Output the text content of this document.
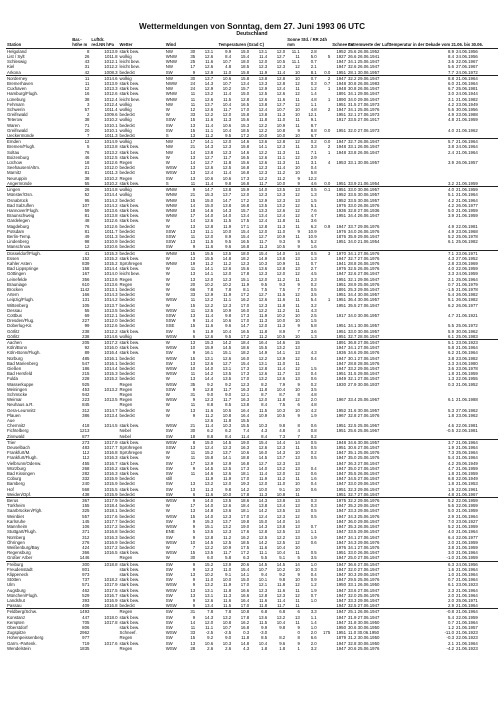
Wettermeldungen von Sonntag, dem 27. Juni 1993 06 UTC
Deutschland
Station	Bar.- höhe m	Luftdr. red.NN hPa	Wetter	Wind		Temperaturen (Grad C)					Sonne Std. / RR 24h mm			Schnee cm	Extremwerte der Lufttemperatur in der Dekade vom 21.06. bis 30.06.		
Helgoland	8	1013.9	stark bew.	NW	30	13.1	9.9	15.0	13.1	12.0	11.1	2.8		1952	25.6 26.06.1952	8.9	24.06.1956
List / Sylt	26	1011.8	wolkig	WNW	35	12.6	8.4	15.4	11.4	12.7	11	5.0	5	1927	26.6 26.06.1941	8.4	24.06.1956
Schleswig	43	1012.1	leicht bew.	WNW	25	11.6	10.7	18.0	12.0	10.5	11.1	0.7		1947	34.1 25.06.1947	3.6	22.06.1967
Kiel	31	1012.2	leicht bew.	NW	17	12.6	4.8	18.5	12.3	12.3	12	2.1		1947	32.6 26.06.1947	5.6	27.06.1967
Arkona	42	1008.3	bedeckt	SW	9	12.9	11.0	15.8	11.9	11.4	10	8.1	0.0	1951	28.1 30.06.1957	7.7	24.06.1972
Norderney	11	1014.6	wolkig	NW	30	13.7	10.6	15.8	13.8	12.8	10	0.7	2	1947	32.2 29.06.1947	8.8	21.06.1964
Bremerhaven	11	1013.9	stark bew.	NWW	24	14.3	10.7	13.4	13.3	12.8	12	0.3	0.7	1948	30.8 26.06.1983	6.0	21.06.1964
Cuxhaven	12	1013.3	stark bew.	NW	24	12.9	10.2	15.7	12.9	12.4	11	1.2	1	1948	30.8 26.06.1947	6.7	25.06.1981
Hamburg/Flugh.	16	1012.6	stark bew.	WNW	11	13.2	11.4	15.0	12.5	12.6	12	1.4		1891	34.1 29.06.1947	3.0	24.06.1944
Lüneburg	38	1012.4	leicht bew.	WNW	11	12.6	11.5	12.8	12.6	11.6	11	4.8	1	1890	34.0 29.06.1947	3.1	21.06.1982
Fehmarn	3	1012.4	wolkig	NW	11	13.7	10.4	16.5	13.8	12.7	12	1.1		1951	31.5 27.06.1973	4.2	23.06.1949
Schwerin	57	1011.4	wolkig	W	12	12.6	11.7	17.0	12.4	10.7	10	4.8	2	1947	34.1 25.06.1976	5.6	30.06.1956
Greifswald	2	1009.6	bedeckt	W	33	12.2	12.0	15.8	13.8	11.3	10	12.1		1951	32.1 27.06.1973	4.9	23.06.1988
Teterow	38	1010.2	wolkig	SSW	15	11.6	11.3	15.6	11.8	11.0	11	9.1		1917	33.5 27.06.1917	4.8	21.06.1959
Waren	71	1010.1	bedeckt	SW	13	11.4	10.6	15.3	12.2	10.9	11	8.7					
Greifswald	20	1010.1	wolkig	SW	15	11.1	10.4	18.5	12.2	10.8	9	8.8	0.0	1951	32.0 27.06.1973	4.0	21.06.1962
Ueckermünde	7	1011.3	bedeckt	S	13	11.2	9.5	17.2	10.0	10.0	10	6.7					
Emden	12	1014.9	wolkig	NW	17	14.1	12.0	14.6	13.6	12.8	12	0.2	0.0	1947	32.7 26.06.1947	5.7	21.06.1964
Bremen/Flugh.	5	1013.8	stark bew.	NW	21	14.3	12.3	15.8	14.1	12.3	11	3.3	2	1948	33.1 26.06.1947	3.8	24.06.1964
Soltau	76	1013.2	stark bew.	NW	14	13.8	12.3	14.6	12.2	11.3	11	7.1	1	1948	33.8 26.06.1947	2.4	21.06.1964
Boizenburg	46	1012.5	stark bew.	W	13	12.7	11.7	16.5	12.6	11.1	12	2.9					
Lüchow	18	1012.6	Regen	W	14	12.7	11.8	15.6	12.6	11.3	11	3.1	4	1953	33.1 30.06.1957	3.9	26.06.1957
Seehausen/Altm.	21	1012.0	bedeckt	WSW	13	12.6	12.5	16.8	12.3	11.4	10	0.4					
Marnitz	81	1011.3	bedeckt	WSW	13	12.4	11.4	16.8	12.3	11.2	10	5.8					
Neuruppin	38	1010.2	Regen	SW	13	10.6	10.6	17.3	12.2	11.2	9	12.2					
Angermünde	55	1010.2	stark bew.	S	11	11.4	9.8	16.8	11.7	10.0	9	4.6	0.0	1951	33.9 21.06.1954	3.2	21.06.1959
Lingen	26	1014.8	wolkig	WNW	9	14.7	13.8	15.9	14.0	13.5	13	0.5	0.1	1951	33.0 30.06.1957	4.0	21.06.1959
Münster/Osn.	52	1014.4	wolkig	WNW	21	15.3	13.7	12.0	12.3	12.3	12	1.3		1952	33.5 30.06.1957	5.1	21.06.1964
Osnabrück	95	1014.2	bedeckt	WNW	15	15.0	14.7	17.2	12.9	12.3	13	1.5		1952	33.5 30.06.1957	4.2	21.06.1964
Bad Salzuflen	107	1014.2	stark bew.	WNW	14	15.0	13.8	16.8	13.5	13.2	12	5.1		1976	33.0 26.06.1976	4.2	26.06.1977
Hannover/Flugh.	59	1013.6	stark bew.	WNW	18	14.6	14.3	15.7	13.3	12.6	12	7.6		1936	32.8 27.06.1936	5.0	21.06.1959
Braunschweig	81	1013.8	stark bew.	WNW	17	14.0	14.0	13.4	13.4	12.4	12	4.7		1951	34.4 26.06.1947	3.9	21.06.1959
Gardelegen	48	1012.6	stark bew.	W	14	12.6	11.5	17.5	12.4	11.8	11	3.6					
Magdeburg	76	1012.6	bedeckt	W	13	12.8	11.9	17.1	12.8	11.3	11	6.2	0.9	1947	33.7 29.06.1976	4.9	22.06.1981
Potsdam	81	1011.7	bedeckt	SSW	13	11.1	10.0	15.4	12.0	11.0	9	10.9		1976	34.0 26.06.1976	4.9	23.06.1968
Berlin-Temp.	49	1011.3	bedeckt	SSW	11	12.0	8.9	15.4	12.7	10.9	11	10.9		1876	35.9 29.06.1947	5.2	25.06.1978
Lindenberg	98	1010.9	bedeckt	SSW	13	11.5	9.5	16.5	11.7	9.3	9	5.2		1951	34.0 21.06.1954	6.1	25.06.1982
Manschnow	12	1010.6	bedeckt	SW	9	11.6	9.6	16.8	11.3	10.5	9	1.6					
Düsseldorf/Flugh.	41	1015.3	bedeckt	WNW	15	15.5	13.5	18.0	15.4	14.0	14	0.5	3	1970	34.1 27.06.1976	7.1	23.06.1971
Essen	152	1015.2	stark bew.	W	13	15.5	14.8	18.2	14.9	13.8	13	1.3		1947	32.7 27.06.1976	4.3	27.06.1952
Kahler Asten	839	1015.2	Sprühregen	WNW	19	11.2	11.2	12.3	10.3	10.9	11	0.7		1941	28.8 26.06.1976	2.8	23.06.1969
Bad Lippspringe	158	1014.4	stark bew.	W	11	14.1	12.6	15.6	13.6	12.8	13	2.7		1976	32.5 26.06.1976	4.0	22.06.1959
Göttingen	167	1014.0	leicht bew.	W	13	14.1	12.0	17.8	12.3	12.0	12	4.5		1947	32.6 27.06.1947	3.3	24.06.1959
Leinefelde	356	1013.6	Regen	W	13	12.0	12.3	15.1	12.0	11.2	11	2.3		1951	32.1 29.06.1947	2.1	25.06.1964
Brauniage	610	1013.6	Regen	W	20	10.2	10.2	11.9	9.5	9.3	9	0.2		1951	28.9 25.06.1976	0.7	21.06.1979
Brocken	1142	1013.1	bedeckt	W	66	7.8	7.8	8.1	7.5	7.5	7	0.5		1891	25.3 29.06.1947	-1.5	21.06.1978
Artern	166	1014.3	bedeckt	W	33	12.9	11.9	17.2	12.7	11.5	12	3.5		1951	34.4 30.06.1957	5.4	26.06.1982
Leipzig/Flugh.	131	1014.2	bedeckt	WSW	11	12.2	11.1	16.2	12.6	11.6	11	5.4	1	1951	36.4 30.06.1957	5.1	26.06.1982
Wittenberg	105	1013.7	bedeckt	W	15	12.2	12.3	17.0	12.3	11.8	11	3.2		1951	35.5 27.06.1947	6.2	26.06.1977
Dessau	55	1013.5	bedeckt	WSW	11	12.5	10.9	16.0	12.2	11.2	11	4.3					
Cottbus	69	1012.1	bedeckt	SSW	13	11.4	9.8	17.3	11.9	10.2	10	2.5		1917	34.0 30.06.1957	4.7	21.06.1921
Dresden/Flug.	227	1012.0	bedeckt	SSW	9	11.4	10.6	17.0	11.3	10.0	10	1.5					
Doberlug-Kir.	99	1012.6	bedeckt	SSE	15	11.6	9.6	14.7	12.0	11.3	9	5.8		1951	34.1 30.06.1957	5.5	25.06.1972
Görlitz	238	1012.2	stark bew.	SW	6	11.9	10.4	16.5	11.8	8.9	7	3.6		1951	33.0 30.06.1957	5.9	30.06.1962
Görlitz	238	1014.6	wolkig	WSW	6	12.6	9.5	17.2	11.2	10.5	10	1.3		1951	32.7 28.06.1947	6.1	25.06.1983
Aachen	205	1017.2	stark bew.	W	13	15.3	14.2	18.4	16.4	14.6	15			1891	36.8 27.06.1947	5.1	23.06.1923
Köln/Bonn	92	1016.0	stark bew.	WSW	10	15.9	14.5	18.6	15.5	13.2	13			1947	34.1 27.06.1947	5.8	21.06.1964
Köln-Bonn/Flugh.	89	1016.4	stark bew.	SW	9	16.1	15.1	18.2	14.9	14.1	13	4.3		1936	34.6 29.06.1976	6.2	21.06.1964
Nürburg	485	1016.1	bedeckt	WSW	15	13.1	12.6	16.0	12.2	12.9	12	0.4		1947	30.1 27.06.1947	3.8	23.06.1982
Bad Marienberg	547	1016.1	bedeckt	SW	13	12.6	12.7	15.4	13.1	11.0	11			1947	28.8 28.06.1976	3.3	24.06.1980
Gießen	186	1014.4	bedeckt	WSW	10	14.0	13.1	17.3	12.8	11.4	12	1.5		1947	33.2 29.06.1947	3.6	23.06.1978
Bad Hersfeld	215	1015.3	bedeckt	WSW	11	14.2	13.5	17.3	12.6	11.7	13	0.4		1951	31.5 29.06.1947	1.8	21.06.1959
Fulda	228	1015.2	bedeckt	W	13	14.4	13.5	17.0	13.2	12.6	13	0.6		1949	32.1 27.06.1947	1.3	22.06.1955
Wasserkuppe	925		Regen	WSW	35	9.2	9.2	12.3	8.2	7.9	9	0.2		1930	27.9 30.06.1937	0.3	21.06.1952
Meiningen	453	1013.2	Regen	SSW	9	12.8	11.7	16.3	11.8	10.4	10	3.5					
Schmücke	942		Regen	W	31	9.0	9.0	12.1	8.7	8.7	8	4.8					
Weimar	223	1013.5	Regen	WSW	9	12.3	11.7	16.3	12.0	11.8	12	2.0		1967	33.4 25.06.1967	6.1	21.06.1988
Neuhaus a.R.	845		Regen	W	11	8.8	8.5	13.8	8.4	7.5	6	4.8					
Gera-Leumnitz	312	1014.7	bedeckt	W	13	11.6	10.5	16.4	11.5	10.3	10	4.2		1952	31.6 30.06.1957	5.3	27.06.1962
Plauen	386	1013.4	bedeckt	W	9	11.2	10.8	16.4	10.9	10.5	9	1.9		1967	32.8 27.06.1976	1.8	23.06.1962
Aue						12.6	11.8	15.5									
Chemnitz	418	1014.5	stark bew.	WSW	21	11.4	10.3	15.5	10.3	9.8	8	0.6		1951	32.5 25.06.1967	4.6	22.06.1981
Fichtelberg	1213		Nebel	SW	30	6.2	6.2	7.4	4.3	4.8	4	0.8		1951	25.6 25.06.1967	-0.5	22.06.1981
Zinnwald	877		Nebel	SW	18	8.8	8.4	11.4	8.4	7.3	7	0.2					
Trier	273	1017.9	stark bew.	WSW	8	15.0	14.5	19.0	15.4	14.4	14	0.5		1948	34.6 30.06.1957	3.7	21.06.1964
Deuselbach	483	1017.7	Sprühregen	SSW	13	12.4	12.3	16.3	12.6	12.3	11	0.5		1951	30.6 27.06.1947	1.9	21.06.1964
Frankfurt/M.	112	1016.8	Sprühregen	W	11	15.2	13.7	10.6	16.0	14.3	10	0.2		1947	35.1 25.06.1976	7.3	25.06.1964
Frankfurt/Flugh.	112	1016.3	stark bew.	W	11	15.8	14.1	18.8	14.5	13.7	13	0.5		1947	35.0 25.06.1976	5.4	21.06.1964
Vielbrunn/Odenw.	455	1016.7	stark bew.	SW	17	12.9	12.9	16.8	12.7	12.3	13			1947	36.3 27.06.1947	4.2	25.06.1949
Würzburg	268	1016.2	stark bew.	SW	9	14.5	12.5	17.3	14.0	13.2	13	0.4		1947	35.0 27.06.1947	4.7	21.06.1959
Bad Kissingen	282	1016.3	stark bew.	SW	11	14.6	12.6	18.1	11.4	12.0	12	0.6		1947	35.5 26.06.1947	1.8	21.06.1959
Coburg	332	1015.9	bedeckt	still		11.9	11.9	17.0	11.9	11.2	11	1.6		1947	34.5 27.06.1947	6.8	22.06.1949
Bamberg	240	1015.9	bedeckt	SW	13	13.2	12.0	19.3	12.0	11.0	10	0.4		1947	33.0 29.06.1947	1.8	21.06.1953
Hof	568	1015.5	stark bew.	SW	13	11.3	9.8	14.2	10.0	9.1	10	0.6		1951	32.3 29.06.1947	1.9	22.06.1961
Weiden/Opf.	438	1015.9	bedeckt	SW	6	11.6	10.0	17.8	11.3	10.8	11			1951	32.7 27.06.1947	4.8	21.06.1967
Berus	367	1017.9	bedeckt	WSW	9	14.0	13.5	18.6	14.3	13.8	13	0.3		1975	32.2 29.06.1976	5.2	22.06.1959
Türkheim	155	1018.4	bedeckt	W	17	14.0	12.6	18.4	13.8	13.4	13	0.3		1947	35.2 29.06.1947	5.6	22.06.1959
Saarbrücken/Flgh.	325	1018.1	bedeckt	W	13	14.8	13.6	18.1	14.2	13.5	13	0.5		1947	33.3 29.06.1947	5.0	21.06.1959
Weinbiet	557	1017.6	bedeckt	WSW	15	14.0	12.3	17.0	12.4	12.3	12	0.5		1947	34.3 25.06.1976	2.9	21.06.1964
Karlsruhe	145	1017.7	bedeckt	SW	9	15.3	13.7	19.8	15.0	14.0	14			1947	36.0 29.06.1947	7.0	23.06.1927
Mannheim	106	1017.2	bedeckt	WSW	9	15.1	13.2	19.0	14.3	13.8	13	0.7		1947	35.3 26.06.1947	5.2	21.06.1959
Stuttgart/Flugh.	371	1016.8	bedeckt	ENE	5	13.5	12.3	17.6	12.8	12.5	13	1.1		1947	33.5 29.06.1947	4.0	21.06.1964
Nürnberg	312	1016.3	bedeckt	SW	9	12.8	11.2	16.2	12.5	12.2	13	1.9		1947	34.1 27.06.1947	6.4	22.06.1977
Öhringen	276	1016.9	bedeckt	WSW	10	14.5	12.5	18.5	14.2	12.5	12	0.6		1947	34.3 29.06.1976	2.0	21.06.1959
Weißenburg/Bay	424	1017.2	bedeckt	W	7	12.2	10.9	17.5	11.6	10.4	10			1976	34.1 27.06.1976	3.8	21.06.1959
Regensburg	366	1016.5	stark bew.	WSW	15	13.5	11.7	17.2	11.1	10.4	11	0.5		1951	33.0 26.06.1947	3.0	21.06.1964
Großer Arber	1446		Regen	W	30	6.0	5.8	6.3	5.5	5.1	5	3.5		1947	25.0 27.06.1947	-1.0	21.06.1959
Freiburg	300	1018.8	stark bew.	SW	9	15.2	13.9	20.6	14.5	14.5	14	1.0		1947	36.6 27.06.1947	6.3	24.06.1956
Freudenstadt	801		stark bew.	SW	9	12.3	11.0	15.4	10.7	10.2	10	0.3		1947	32.0 27.06.1947	1.6	21.06.1964
Klippeneck	973		stark bew.	SW	13	10.2	9.1	14.1	9.4	9.2	9	0.4		1947	30.3 29.06.1947	1.0	21.06.1964
Stötten	737	1018.2	stark bew.	SW	9	11.0	10.0	15.0	10.1	9.8	10	0.9		1947	29.5 25.06.1976	0.7	21.06.1964
Ulm	571	1017.9	stark bew.	WSW	9	13.2	11.9	17.0	12.1	11.8	12	1.2		1950	33.1 26.06.1950	6.1	23.06.1923
Augsburg	462	1017.5	stark bew.	WSW	13	13.1	11.8	16.6	12.3	11.6	11	1.9		1947	33.6 27.06.1947	2.3	21.06.1964
München/Flugh.	529	1016.7	stark bew.	SW	13	13.1	11.3	16.6	12.8	12.3	12	0.7		1947	32.0 25.06.1976	2.0	21.06.1964
Landshut	393	1016.9	stark bew.	SW	9	12.6	11.6	16.4	11.6	11.4	11	1.0		1947	33.3 29.06.1947	2.0	25.06.1971
Passau	409	1016.8	bedeckt	WSW	9	13.4	11.5	17.0	11.8	11.7	11			1947	32.5 27.06.1947	2.9	21.06.1964
Feldberg/Schw.	1493		Regen	SW	31	7.8	7.8	10.8	6.8	6.8	6	3.3		1947	25.1 26.06.1947	-0.8	21.06.1964
Konstanz	447	1018.0	stark bew.	SW	9	14.3	13.2	17.8	13.6	13.2	13	1.1		1947	31.9 27.06.1947	5.4	22.06.1959
Kempten	705	1017.8	stark bew.	SW	14	12.0	10.8	16.2	11.5	10.4	11	1.4		1947	31.8 30.06.1950	0.7	21.06.1964
Oberstdorf	806		stark bew.	SW	11	11.1	10.7	16.8	9.9	9.8	9	1.0		1950	30.6 30.06.1950	1.2	21.06.1957
Zugspitze	2962		Schneef.	WSW	33	-2.5	-2.5	0.3	-3.0		0	2.0	175	1951	11.0 30.06.1950	-11.0	21.06.1923
Hohenpeissenberg	977		Regen	SW	15	9.2	9.0	11.8	8.5	8.2	8	6.6		1879	31.2 30.06.1950	-0.3	22.06.1923
Garm.-Partenk.	719	1017.6	stark bew.	SW	13	10.6	10.3	14.8	10.4	9.6	9	2.0		1947	32.8 30.06.1950	2.1	21.06.1964
Wendelstein	1835		Regen	WSW	28	2.6	2.6	4.3	1.8	1.8	1	3.2		1947	20.6 25.06.1976	-4.2	21.06.1923
